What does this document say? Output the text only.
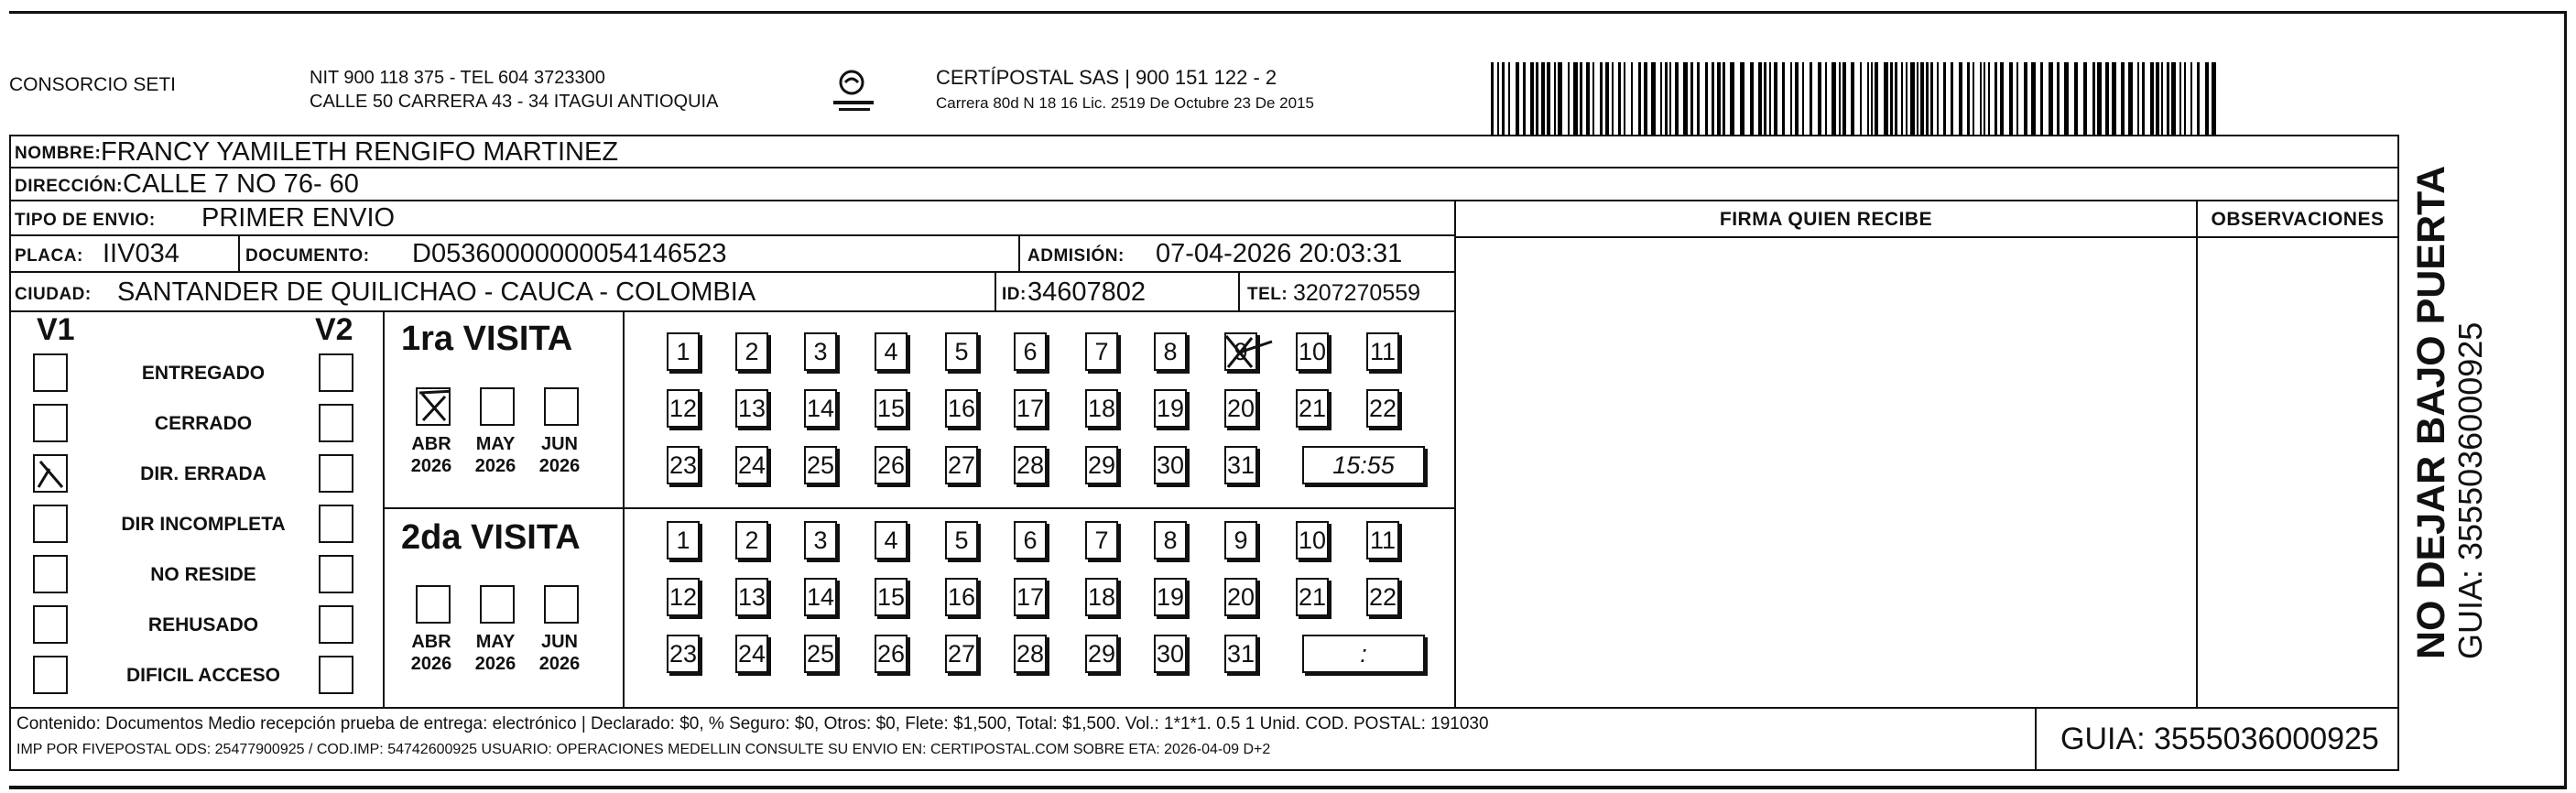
CONSORCIO SETI	NIT 900 118 375 - TEL 604 3723300
CALLE 50 CARRERA 43 - 34 ITAGUI ANTIOQUIA
CERTÍPOSTAL SAS | 900 151 122 - 2
Carrera 80d N 18 16 Lic. 2519 De Octubre 23 De 2015
NOMBRE: FRANCY YAMILETH RENGIFO MARTINEZ
DIRECCIÓN: CALLE 7 NO 76- 60
TIPO DE ENVIO: PRIMER ENVIO
PLACA: IIV034	DOCUMENTO: D05360000000054146523	ADMISIÓN: 07-04-2026 20:03:31
CIUDAD: SANTANDER DE QUILICHAO - CAUCA - COLOMBIA	ID: 34607802	TEL: 3207270559
FIRMA QUIEN RECIBE	OBSERVACIONES
V1	V2
ENTREGADO
CERRADO
DIR. ERRADA
DIR INCOMPLETA
NO RESIDE
REHUSADO
DIFICIL ACCESO
1ra VISITA
2da VISITA
ABR
2026
MAY
2026
JUN
2026
1	2	3	4	5	6	7	8	9	10 11
12 13 14 15 16 17 18 19 20 21 22
23 24 25 26 27 28 29 30 31	15:55
ABR
2026
MAY
2026
JUN
2026
1	2	3	4	5	6	7	8	9	10 11
12 13 14 15 16 17 18 19 20 21 22
23 24 25 26 27 28 29 30 31	:
Contenido: Documentos Medio recepción prueba de entrega: electrónico | Declarado: $0, % Seguro: $0, Otros: $0, Flete: $1,500, Total: $1,500. Vol.: 1*1*1. 0.5 1 Unid. COD. POSTAL: 191030
IMP POR FIVEPOSTAL ODS: 25477900925 / COD.IMP: 54742600925 USUARIO: OPERACIONES MEDELLIN CONSULTE SU ENVIO EN: CERTIPOSTAL.COM SOBRE ETA: 2026-04-09 D+2	GUIA: 3555036000925
NO DEJAR BAJO PUERTA
GUIA: 3555036000925
